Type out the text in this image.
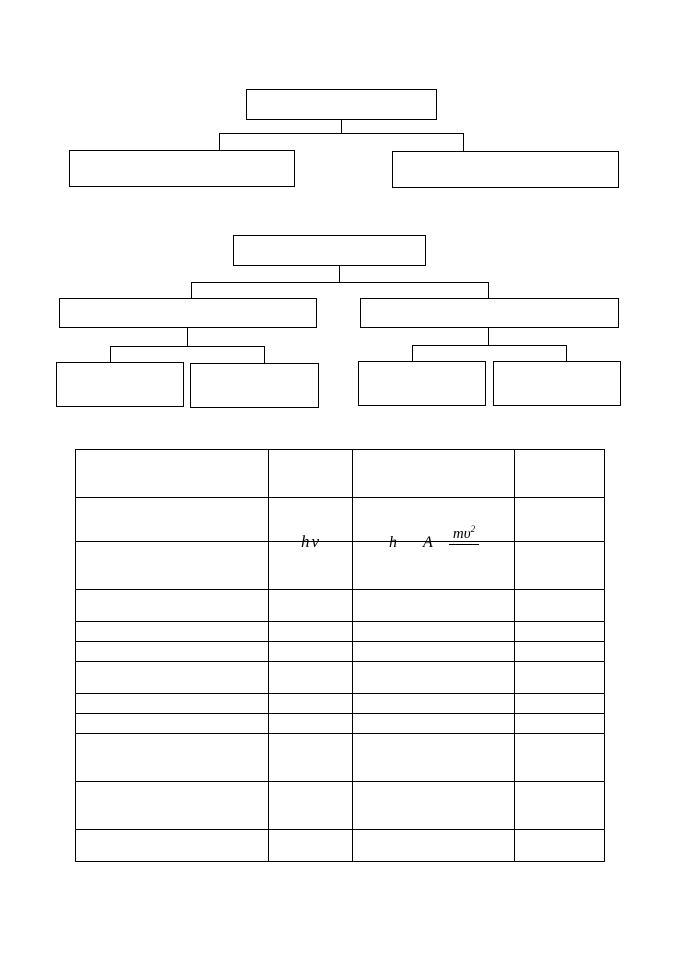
	hν	h A $m\upsilon^2$
